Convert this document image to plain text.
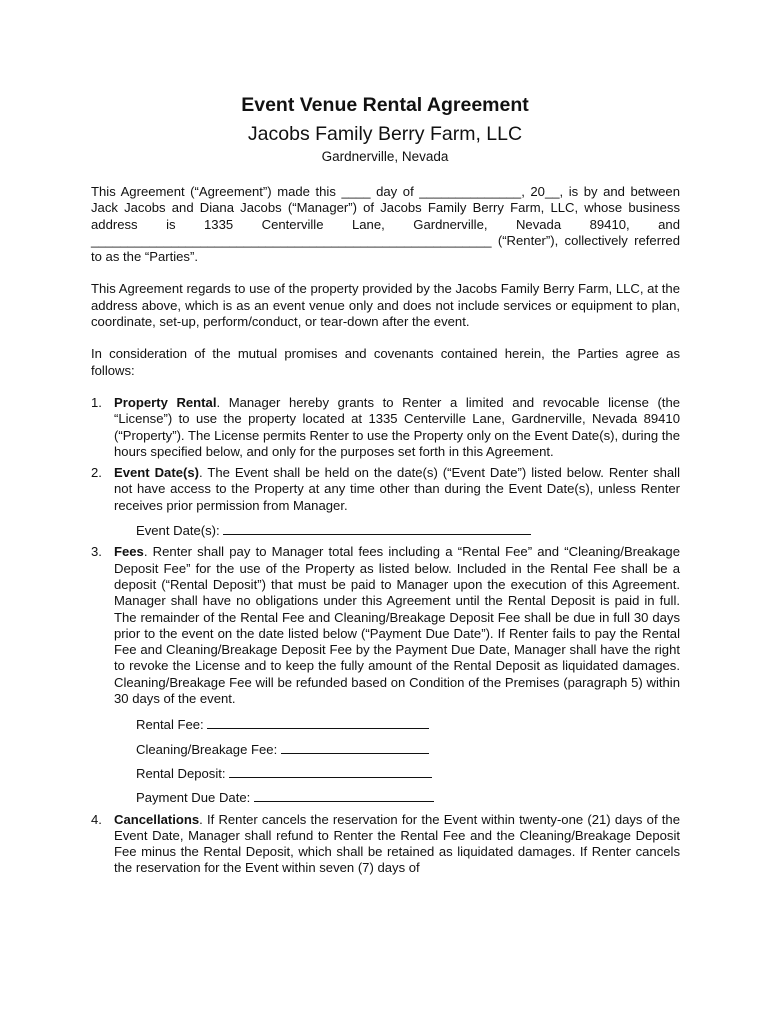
Event Venue Rental Agreement
Jacobs Family Berry Farm, LLC
Gardnerville, Nevada

This Agreement (“Agreement”) made this ____ day of ______________, 20__, is by and between Jack Jacobs and Diana Jacobs (“Manager”) of Jacobs Family Berry Farm, LLC, whose business address is 1335 Centerville Lane, Gardnerville, Nevada 89410, and _______________________________________________________ (“Renter”), collectively referred to as the “Parties”.

This Agreement regards to use of the property provided by the Jacobs Family Berry Farm, LLC, at the address above, which is as an event venue only and does not include services or equipment to plan, coordinate, set-up, perform/conduct, or tear-down after the event.

In consideration of the mutual promises and covenants contained herein, the Parties agree as follows:

1. Property Rental. Manager hereby grants to Renter a limited and revocable license (the “License”) to use the property located at 1335 Centerville Lane, Gardnerville, Nevada 89410 (“Property”). The License permits Renter to use the Property only on the Event Date(s), during the hours specified below, and only for the purposes set forth in this Agreement.
2. Event Date(s). The Event shall be held on the date(s) (“Event Date”) listed below. Renter shall not have access to the Property at any time other than during the Event Date(s), unless Renter receives prior permission from Manager.
Event Date(s):
3. Fees. Renter shall pay to Manager total fees including a “Rental Fee” and “Cleaning/Breakage Deposit Fee” for the use of the Property as listed below. Included in the Rental Fee shall be a deposit (“Rental Deposit”) that must be paid to Manager upon the execution of this Agreement. Manager shall have no obligations under this Agreement until the Rental Deposit is paid in full. The remainder of the Rental Fee and Cleaning/Breakage Deposit Fee shall be due in full 30 days prior to the event on the date listed below (“Payment Due Date”). If Renter fails to pay the Rental Fee and Cleaning/Breakage Deposit Fee by the Payment Due Date, Manager shall have the right to revoke the License and to keep the fully amount of the Rental Deposit as liquidated damages. Cleaning/Breakage Fee will be refunded based on Condition of the Premises (paragraph 5) within 30 days of the event.
Rental Fee:
Cleaning/Breakage Fee:
Rental Deposit:
Payment Due Date:
4. Cancellations. If Renter cancels the reservation for the Event within twenty-one (21) days of the Event Date, Manager shall refund to Renter the Rental Fee and the Cleaning/Breakage Deposit Fee minus the Rental Deposit, which shall be retained as liquidated damages. If Renter cancels the reservation for the Event within seven (7) days of
